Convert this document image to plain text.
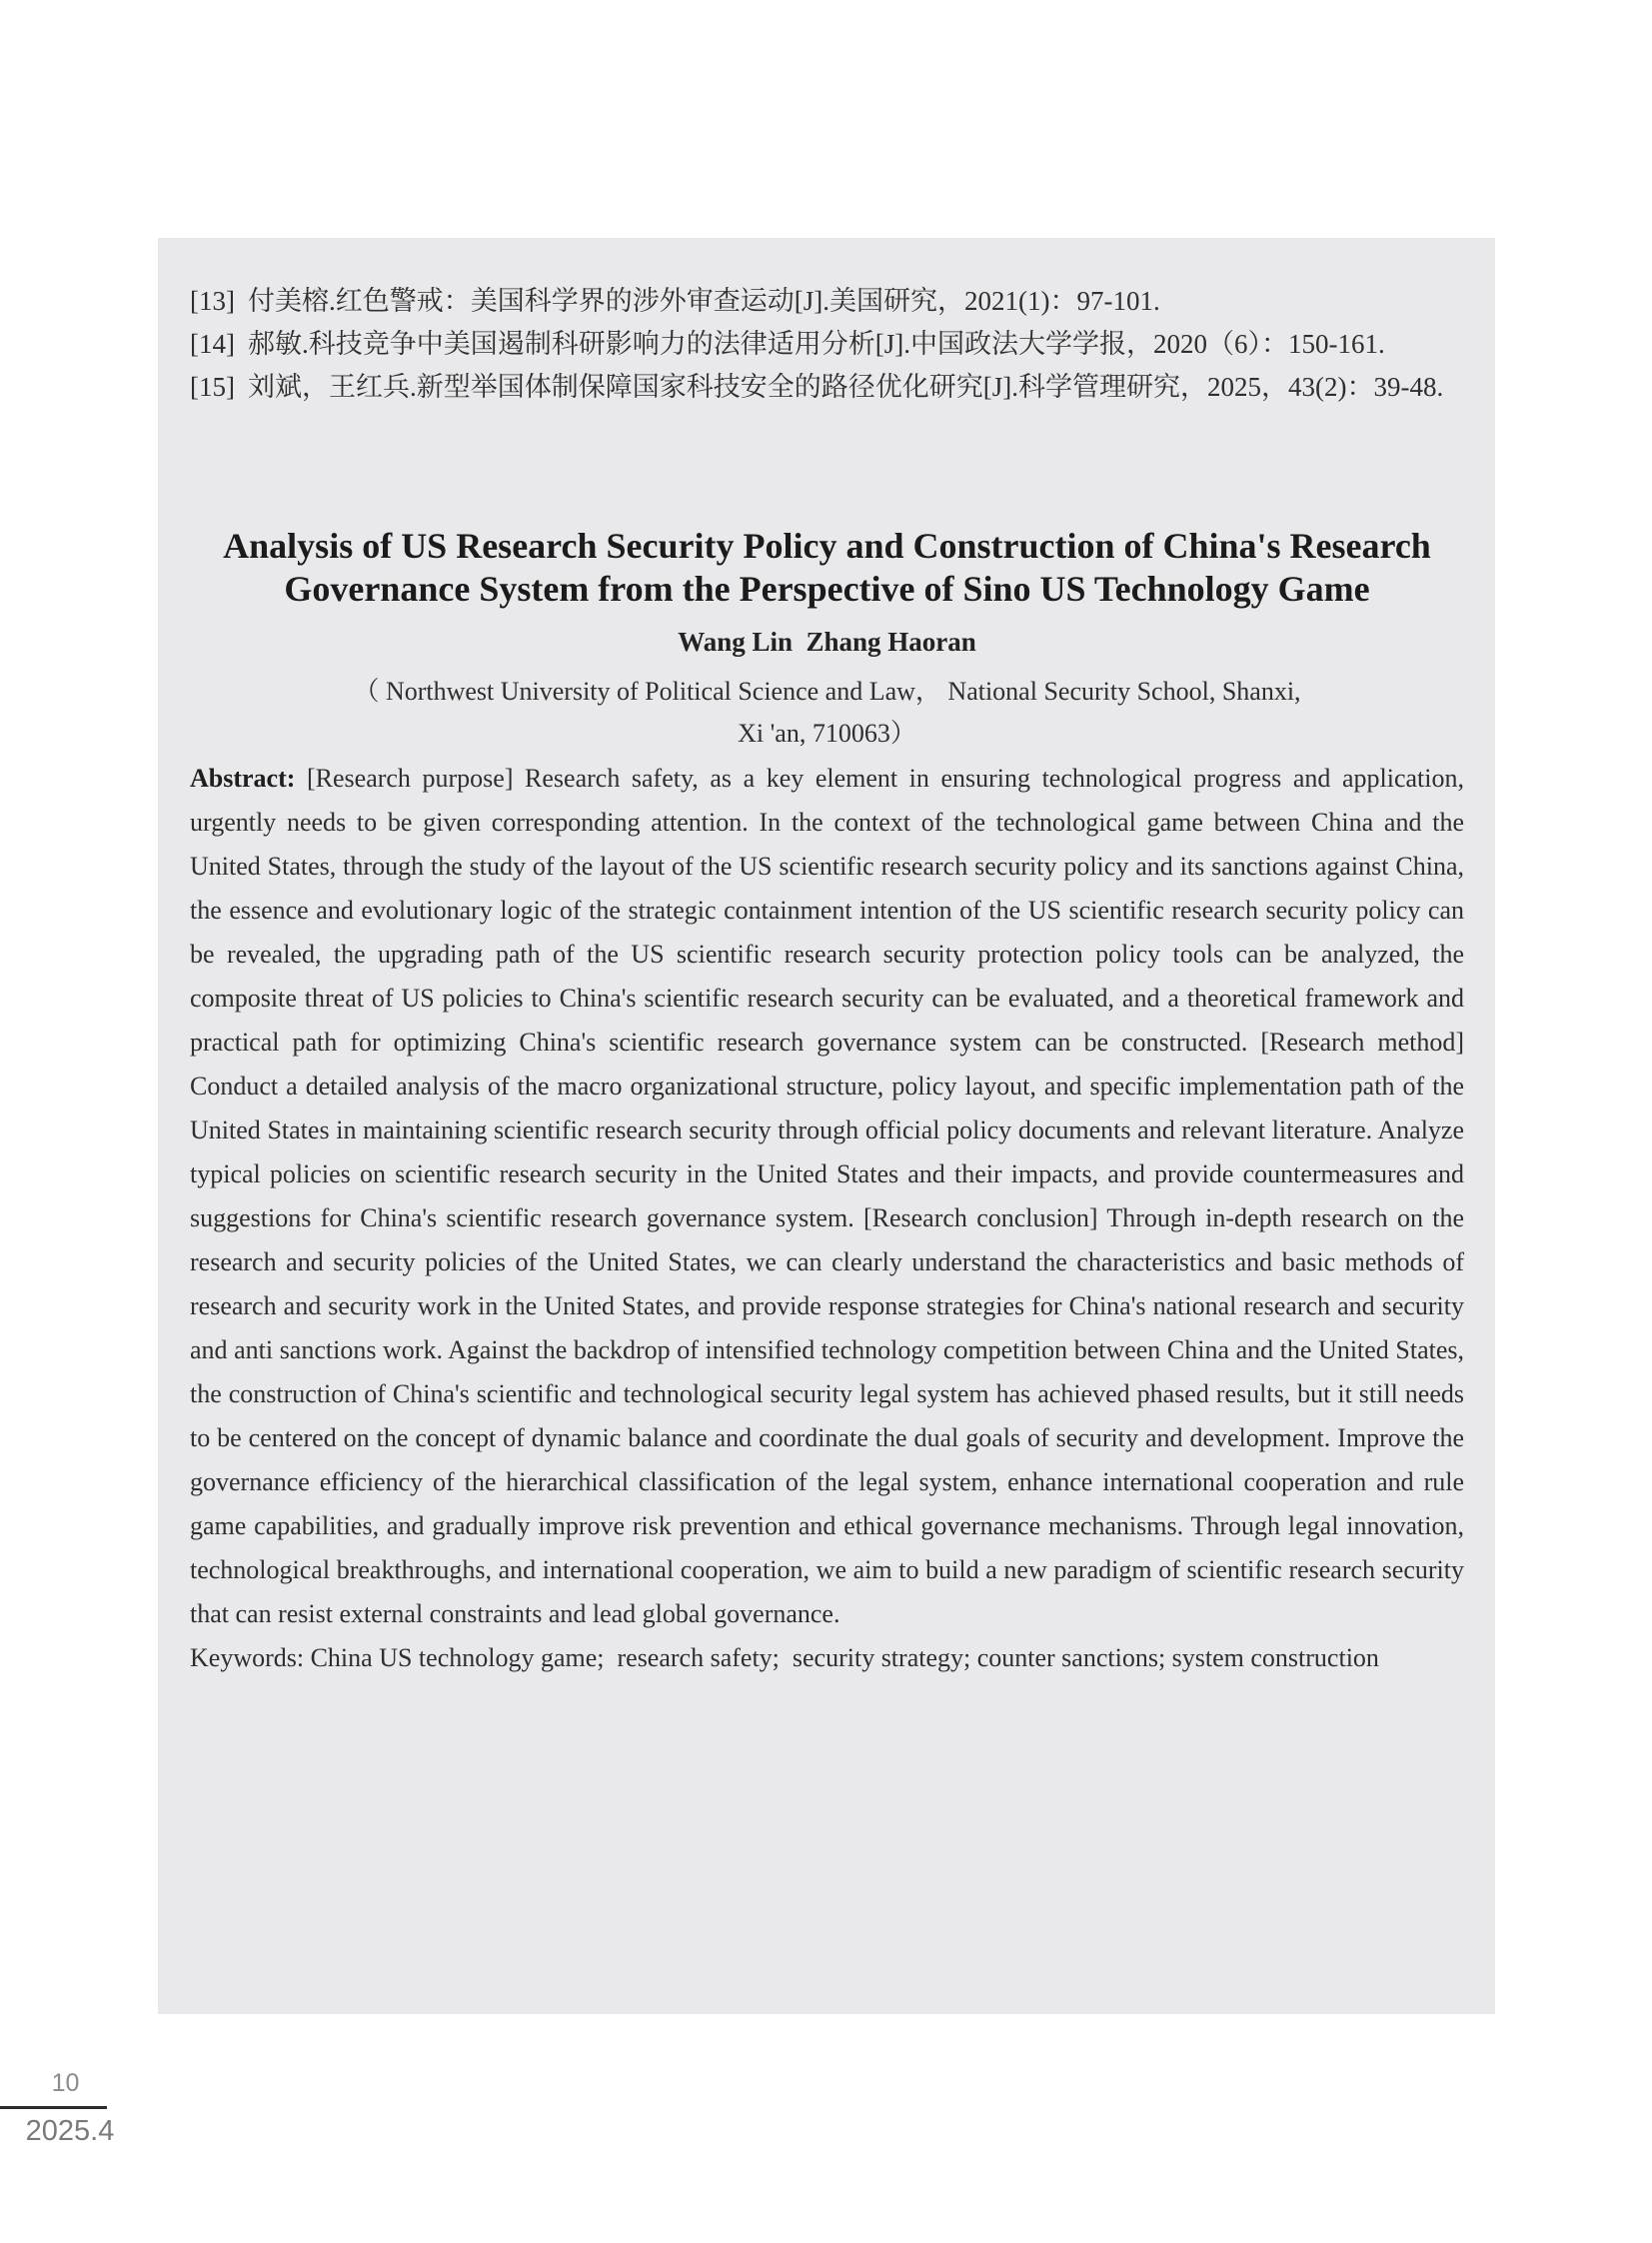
[13] 付美榕.红色警戒：美国科学界的涉外审查运动[J].美国研究，2021(1)：97-101.
[14] 郝敏.科技竞争中美国遏制科研影响力的法律适用分析[J].中国政法大学学报，2020（6）：150-161.
[15] 刘斌，王红兵.新型举国体制保障国家科技安全的路径优化研究[J].科学管理研究，2025，43(2)：39-48.
Analysis of US Research Security Policy and Construction of China's Research
Governance System from the Perspective of Sino US Technology Game
Wang Lin  Zhang Haoran
（ Northwest University of Political Science and Law， National Security School, Shanxi,
Xi 'an, 710063）

Abstract: [Research purpose] Research safety, as a key element in ensuring technological progress and application, urgently needs to be given corresponding attention. In the context of the technological game between China and the United States, through the study of the layout of the US scientific research security policy and its sanctions against China, the essence and evolutionary logic of the strategic containment intention of the US scientific research security policy can be revealed, the upgrading path of the US scientific research security protection policy tools can be analyzed, the composite threat of US policies to China's scientific research security can be evaluated, and a theoretical framework and practical path for optimizing China's scientific research governance system can be constructed. [Research method] Conduct a detailed analysis of the macro organizational structure, policy layout, and specific implementation path of the United States in maintaining scientific research security through official policy documents and relevant literature. Analyze typical policies on scientific research security in the United States and their impacts, and provide countermeasures and suggestions for China's scientific research governance system. [Research conclusion] Through in-depth research on the research and security policies of the United States, we can clearly understand the characteristics and basic methods of research and security work in the United States, and provide response strategies for China's national research and security and anti sanctions work. Against the backdrop of intensified technology competition between China and the United States, the construction of China's scientific and technological security legal system has achieved phased results, but it still needs to be centered on the concept of dynamic balance and coordinate the dual goals of security and development. Improve the governance efficiency of the hierarchical classification of the legal system, enhance international cooperation and rule game capabilities, and gradually improve risk prevention and ethical governance mechanisms. Through legal innovation, technological breakthroughs, and international cooperation, we aim to build a new paradigm of scientific research security that can resist external constraints and lead global governance.

Keywords: China US technology game;  research safety;  security strategy; counter sanctions; system construction

10
2025.4
